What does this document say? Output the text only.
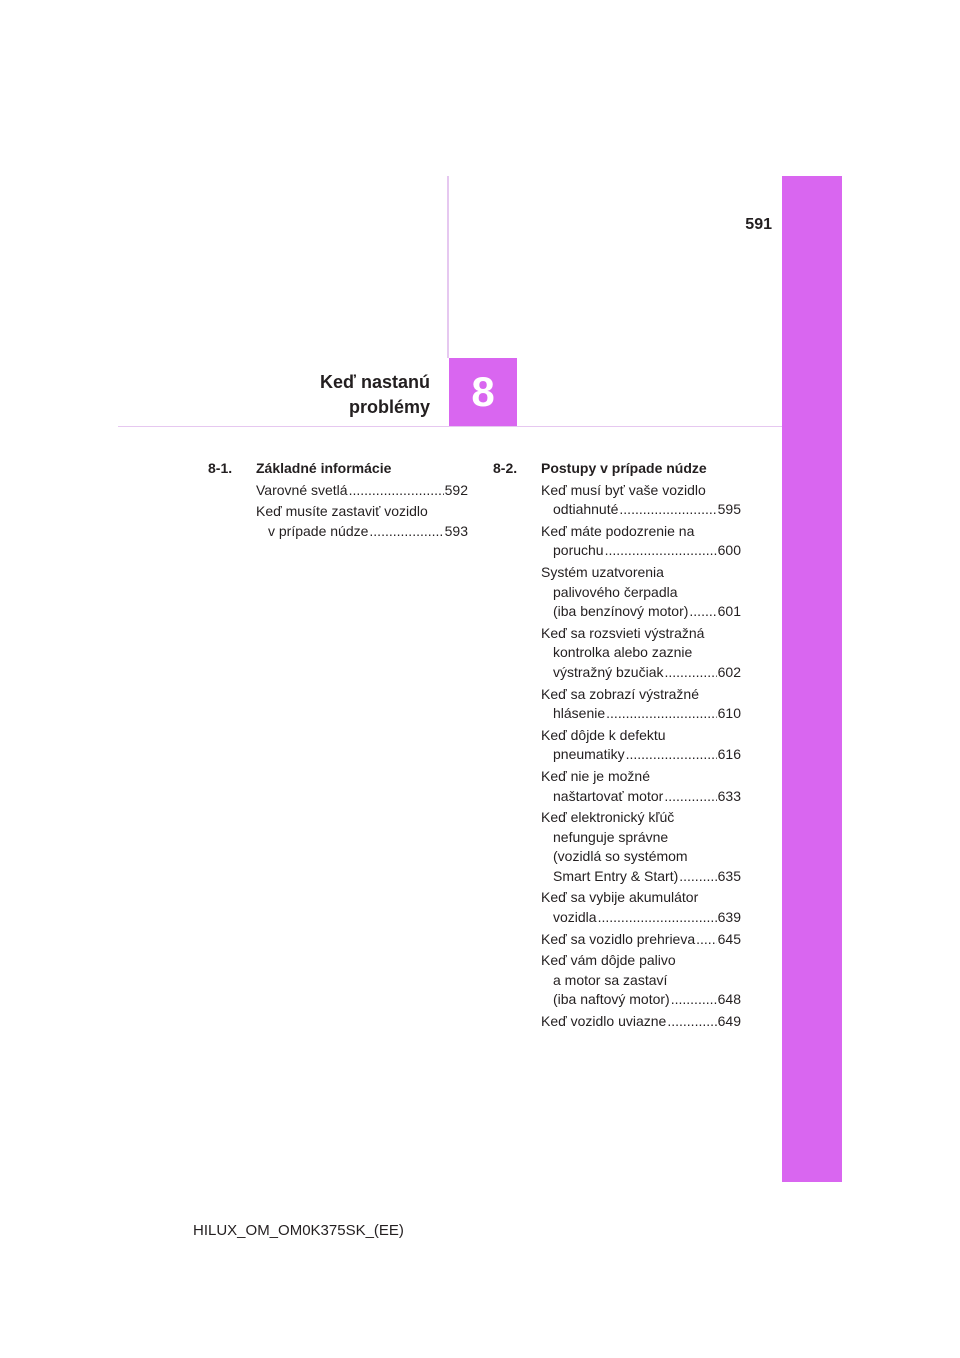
591
8
Keď nastanú
problémy
8-1.	Základné informácie
Varovné svetlá .....	592
Keď musíte zastaviť vozidlo
v prípade núdze .....	593
8-2.	Postupy v prípade núdze
Keď musí byť vaše vozidlo
odtiahnuté .....	595
Keď máte podozrenie na
poruchu .....	600
Systém uzatvorenia
palivového čerpadla
(iba benzínový motor) ..... 601
Keď sa rozsvieti výstražná
kontrolka alebo zaznie
výstražný bzučiak .....	602
Keď sa zobrazí výstražné
hlásenie .....	610
Keď dôjde k defektu
pneumatiky .....	616
Keď nie je možné
naštartovať motor .....	633
Keď elektronický kľúč
nefunguje správne
(vozidlá so systémom
Smart Entry & Start) .....	635
Keď sa vybije akumulátor
vozidla .....	639
Keď sa vozidlo prehrieva ..... 645
Keď vám dôjde palivo
a motor sa zastaví
(iba naftový motor) .....	648
Keď vozidlo uviazne .....	649
HILUX_OM_OM0K375SK_(EE)
